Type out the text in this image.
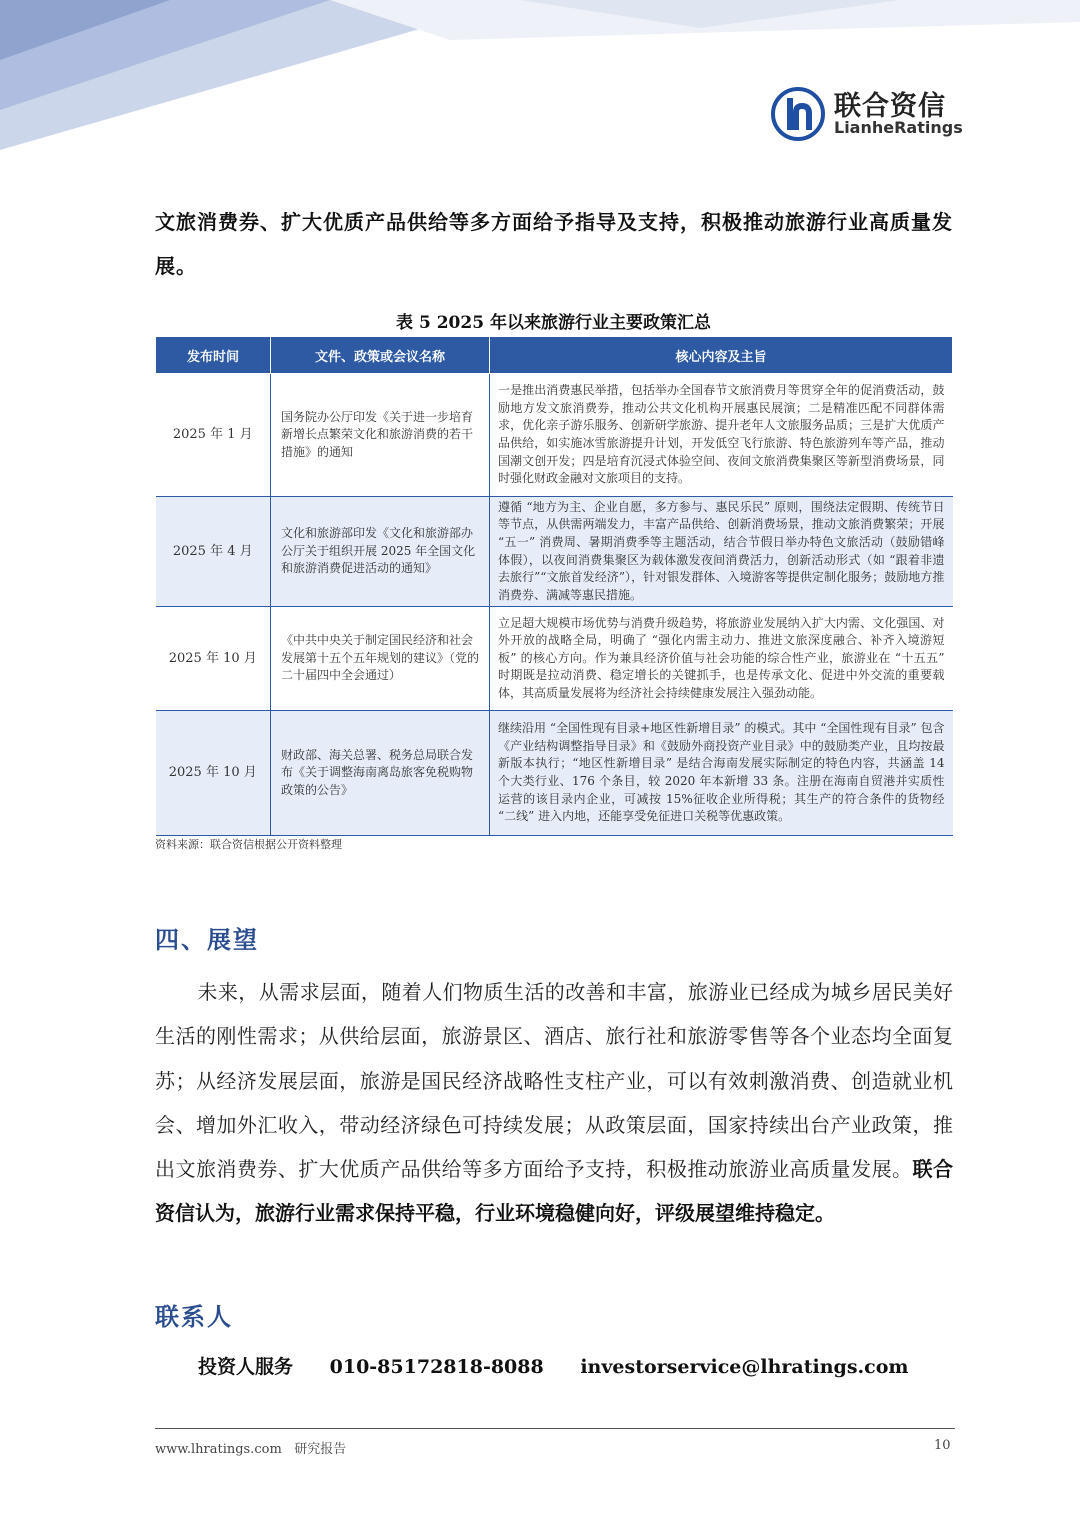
联合资信
LianheRatings
文旅消费券、扩大优质产品供给等多方面给予指导及支持，积极推动旅游行业高质量发展。
表 5 2025 年以来旅游行业主要政策汇总
发布时间	文件、政策或会议名称	核心内容及主旨
2025 年 1 月	国务院办公厅印发《关于进一步培育新增长点繁荣文化和旅游消费的若干措施》的通知	一是推出消费惠民举措，包括举办全国春节文旅消费月等贯穿全年的促消费活动，鼓励地方发文旅消费券，推动公共文化机构开展惠民展演；二是精准匹配不同群体需求，优化亲子游乐服务、创新研学旅游、提升老年人文旅服务品质；三是扩大优质产品供给，如实施冰雪旅游提升计划，开发低空飞行旅游、特色旅游列车等产品，推动国潮文创开发；四是培育沉浸式体验空间、夜间文旅消费集聚区等新型消费场景，同时强化财政金融对文旅项目的支持。
2025 年 4 月	文化和旅游部印发《文化和旅游部办公厅关于组织开展 2025 年全国文化和旅游消费促进活动的通知》	遵循 “地方为主、企业自愿，多方参与、惠民乐民” 原则，围绕法定假期、传统节日等节点，从供需两端发力，丰富产品供给、创新消费场景，推动文旅消费繁荣；开展 “五一” 消费周、暑期消费季等主题活动，结合节假日举办特色文旅活动（鼓励错峰体假），以夜间消费集聚区为载体激发夜间消费活力，创新活动形式（如 “跟着非遗去旅行”“文旅首发经济”），针对银发群体、入境游客等提供定制化服务；鼓励地方推消费券、满减等惠民措施。
2025 年 10 月	《中共中央关于制定国民经济和社会发展第十五个五年规划的建议》（党的二十届四中全会通过）	立足超大规模市场优势与消费升级趋势，将旅游业发展纳入扩大内需、文化强国、对外开放的战略全局，明确了 “强化内需主动力、推进文旅深度融合、补齐入境游短板” 的核心方向。作为兼具经济价值与社会功能的综合性产业，旅游业在 “十五五” 时期既是拉动消费、稳定增长的关键抓手，也是传承文化、促进中外交流的重要载体，其高质量发展将为经济社会持续健康发展注入强劲动能。
2025 年 10 月	财政部、海关总署、税务总局联合发布《关于调整海南离岛旅客免税购物政策的公告》	继续沿用 “全国性现有目录+地区性新增目录” 的模式。其中 “全国性现有目录” 包含《产业结构调整指导目录》和《鼓励外商投资产业目录》中的鼓励类产业，且均按最新版本执行；“地区性新增目录” 是结合海南发展实际制定的特色内容，共涵盖 14 个大类行业、176 个条目，较 2020 年本新增 33 条。注册在海南自贸港并实质性运营的该目录内企业，可减按 15%征收企业所得税；其生产的符合条件的货物经 “二线” 进入内地，还能享受免征进口关税等优惠政策。
资料来源：联合资信根据公开资料整理
四、展望
未来，从需求层面，随着人们物质生活的改善和丰富，旅游业已经成为城乡居民美好生活的刚性需求；从供给层面，旅游景区、酒店、旅行社和旅游零售等各个业态均全面复苏；从经济发展层面，旅游是国民经济战略性支柱产业，可以有效刺激消费、创造就业机会、增加外汇收入，带动经济绿色可持续发展；从政策层面，国家持续出台产业政策，推出文旅消费券、扩大优质产品供给等多方面给予支持，积极推动旅游业高质量发展。联合资信认为，旅游行业需求保持平稳，行业环境稳健向好，评级展望维持稳定。
联系人
投资人服务 010-85172818-8088 investorservice@lhratings.com
www.lhratings.com 研究报告	10
